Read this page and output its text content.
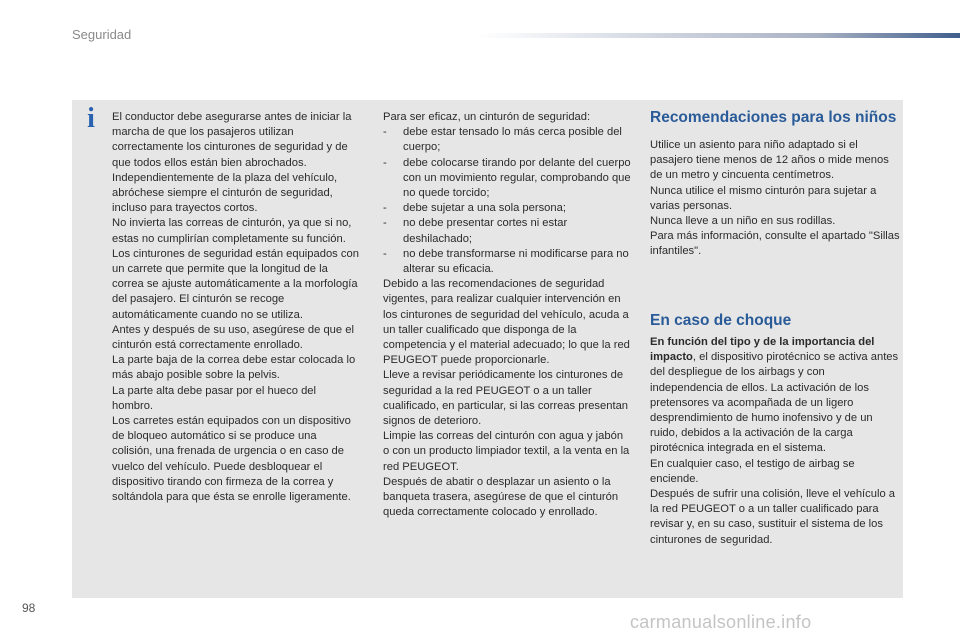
Seguridad
i El conductor debe asegurarse antes de iniciar la marcha de que los pasajeros utilizan correctamente los cinturones de seguridad y de que todos ellos están bien abrochados.

Independientemente de la plaza del vehículo, abróchese siempre el cinturón de seguridad, incluso para trayectos cortos.

No invierta las correas de cinturón, ya que si no, estas no cumplirían completamente su función.

Los cinturones de seguridad están equipados con un carrete que permite que la longitud de la correa se ajuste automáticamente a la morfología del pasajero. El cinturón se recoge automáticamente cuando no se utiliza.

Antes y después de su uso, asegúrese de que el cinturón está correctamente enrollado.

La parte baja de la correa debe estar colocada lo más abajo posible sobre la pelvis.

La parte alta debe pasar por el hueco del hombro.

Los carretes están equipados con un dispositivo de bloqueo automático si se produce una colisión, una frenada de urgencia o en caso de vuelco del vehículo. Puede desbloquear el dispositivo tirando con firmeza de la correa y soltándola para que ésta se enrolle ligeramente.

Para ser eficaz, un cinturón de seguridad:

-	debe estar tensado lo más cerca posible del cuerpo;
-	debe colocarse tirando por delante del cuerpo con un movimiento regular, comprobando que no quede torcido;
-	debe sujetar a una sola persona;
-	no debe presentar cortes ni estar deshilachado;
-	no debe transformarse ni modificarse para no alterar su eficacia.

Debido a las recomendaciones de seguridad vigentes, para realizar cualquier intervención en los cinturones de seguridad del vehículo, acuda a un taller cualificado que disponga de la competencia y el material adecuado; lo que la red PEUGEOT puede proporcionarle.

Lleve a revisar periódicamente los cinturones de seguridad a la red PEUGEOT o a un taller cualificado, en particular, si las correas presentan signos de deterioro.

Limpie las correas del cinturón con agua y jabón o con un producto limpiador textil, a la venta en la red PEUGEOT.

Después de abatir o desplazar un asiento o la banqueta trasera, asegúrese de que el cinturón queda correctamente colocado y enrollado.

Recomendaciones para los niños

Utilice un asiento para niño adaptado si el pasajero tiene menos de 12 años o mide menos de un metro y cincuenta centímetros.

Nunca utilice el mismo cinturón para sujetar a varias personas.

Nunca lleve a un niño en sus rodillas.

Para más información, consulte el apartado "Sillas infantiles".

En caso de choque

En función del tipo y de la importancia del impacto, el dispositivo pirotécnico se activa antes del despliegue de los airbags y con independencia de ellos. La activación de los pretensores va acompañada de un ligero desprendimiento de humo inofensivo y de un ruido, debidos a la activación de la carga pirotécnica integrada en el sistema.

En cualquier caso, el testigo de airbag se enciende.

Después de sufrir una colisión, lleve el vehículo a la red PEUGEOT o a un taller cualificado para revisar y, en su caso, sustituir el sistema de los cinturones de seguridad.

98
carmanualsonline.info
